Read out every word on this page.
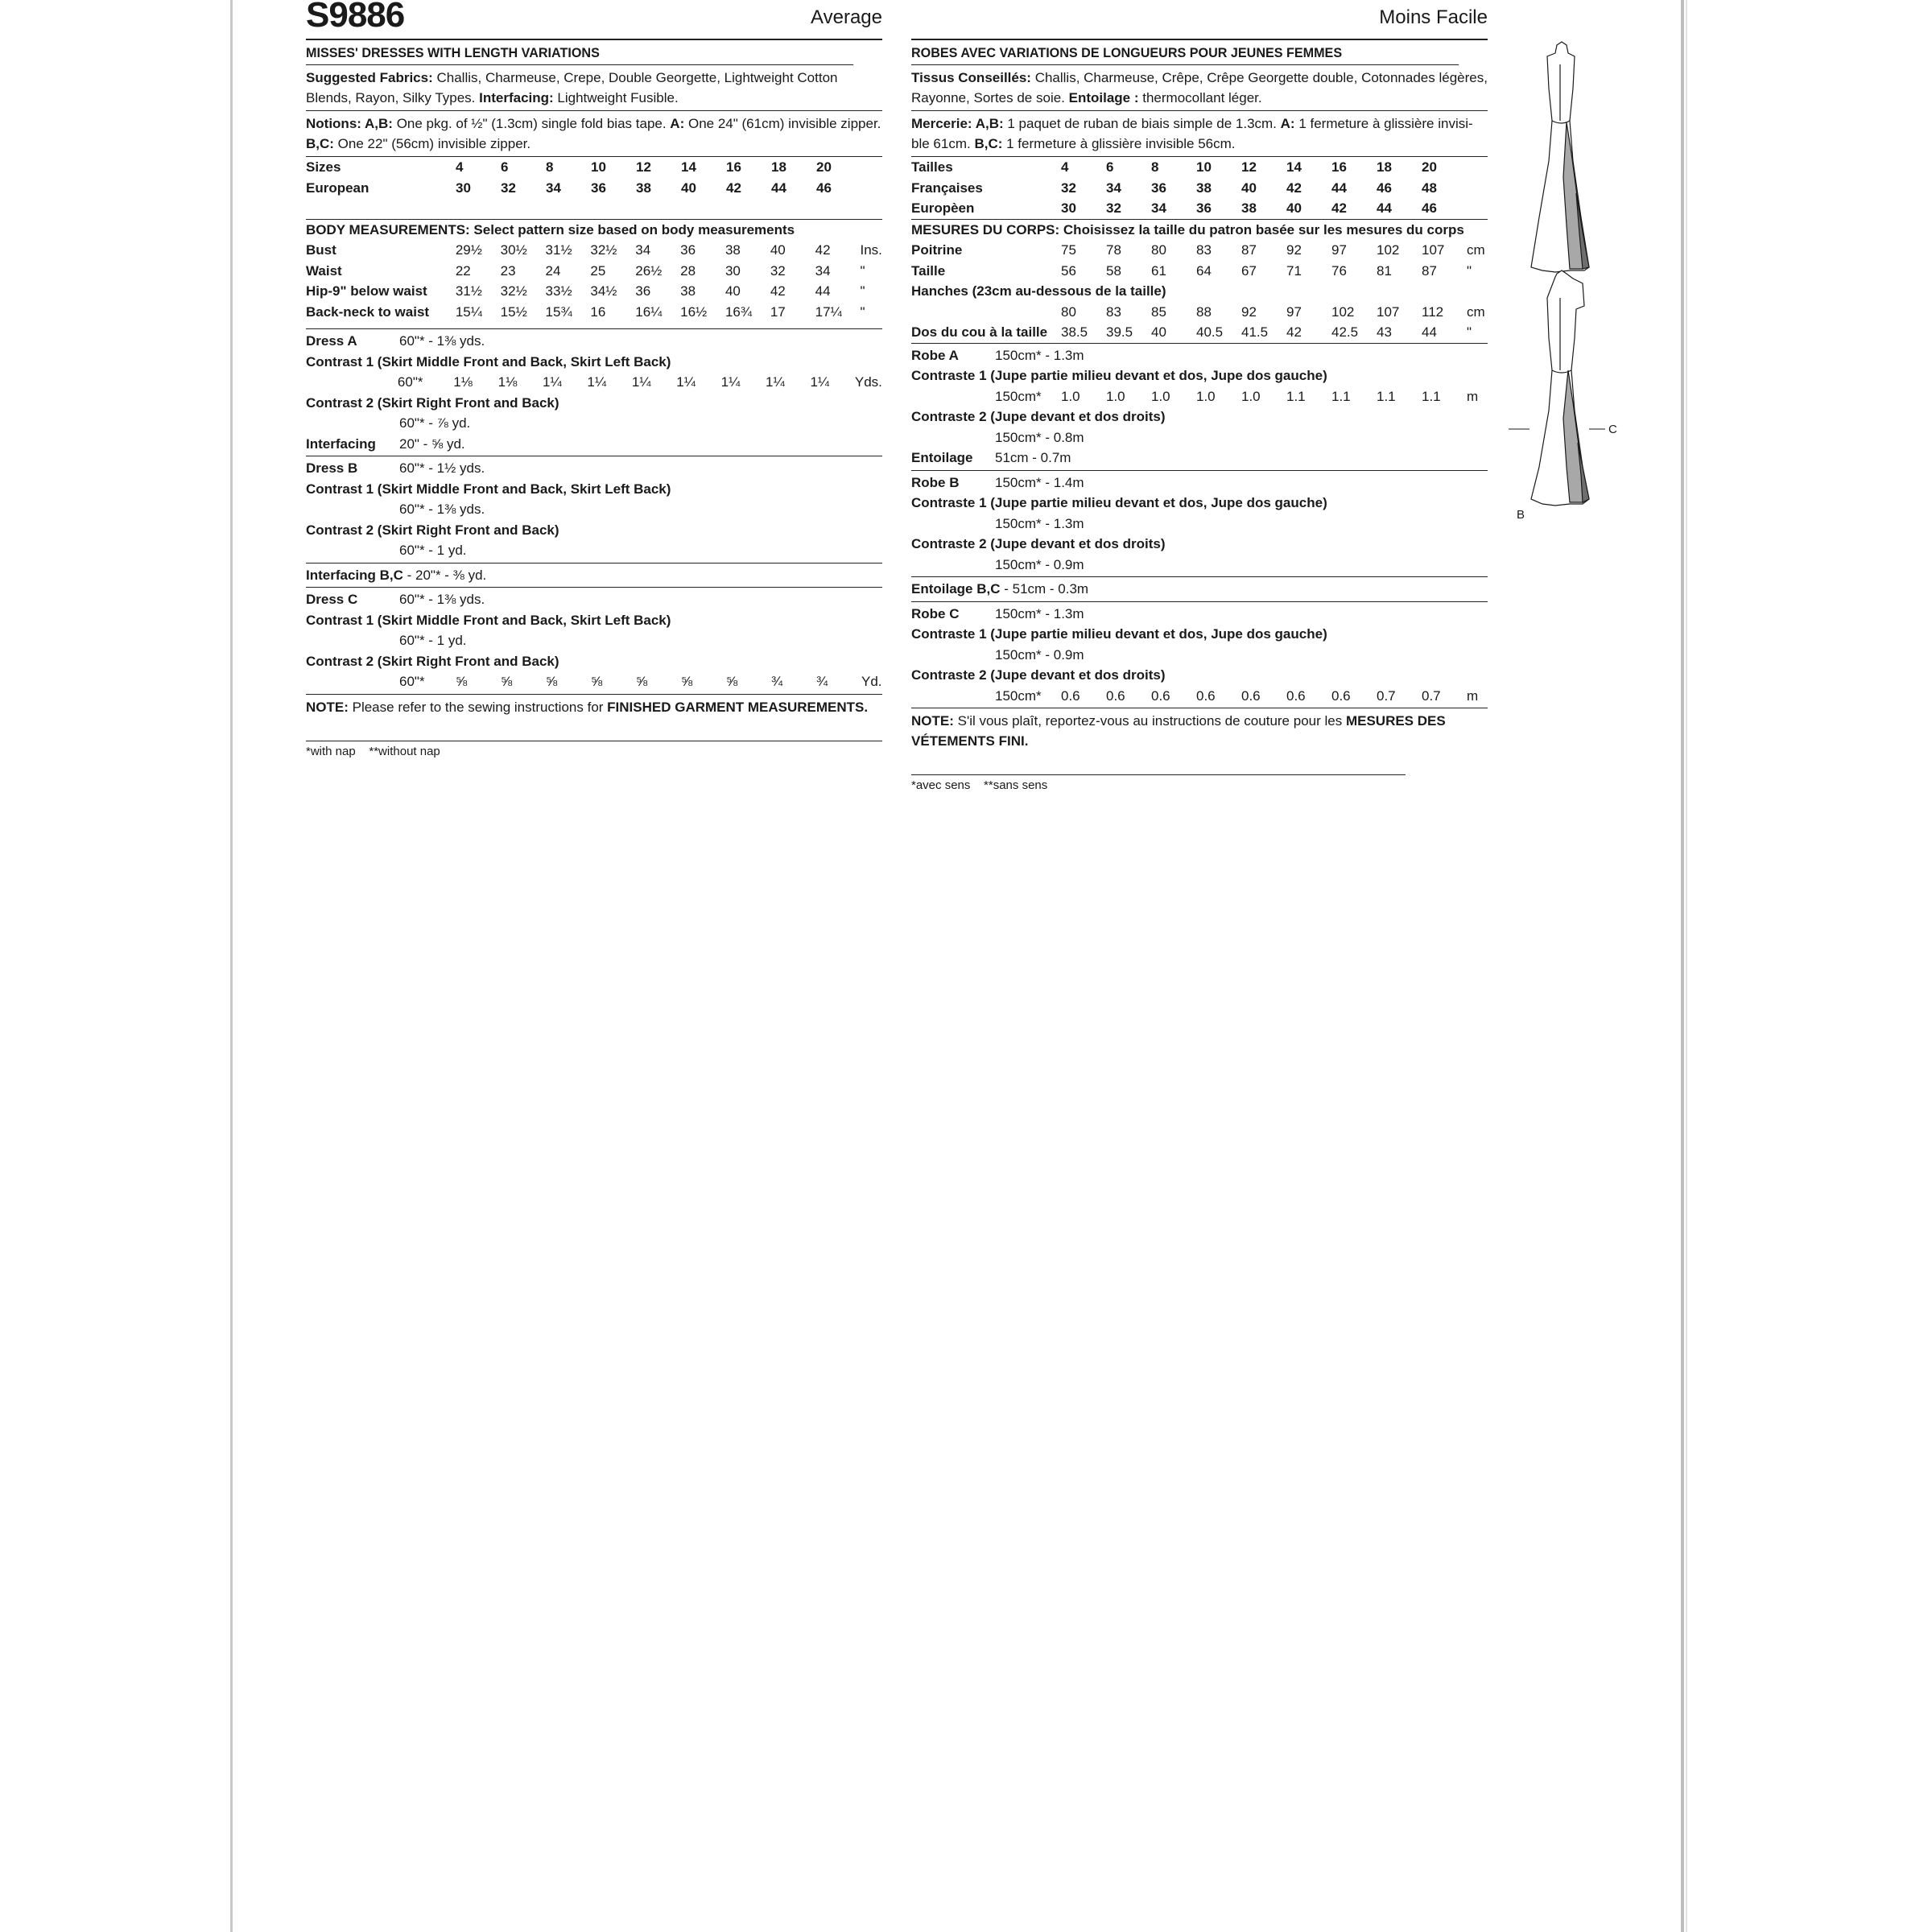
S9886	Average
MISSES' DRESSES WITH LENGTH VARIATIONS
Suggested Fabrics: Challis, Charmeuse, Crepe, Double Georgette, Lightweight Cotton Blends, Rayon, Silky Types. Interfacing: Lightweight Fusible.
Notions: A,B: One pkg. of ½" (1.3cm) single fold bias tape. A: One 24" (61cm) invisible zipper. B,C: One 22" (56cm) invisible zipper.
Sizes	4	6	8	10	12	14	16	18	20	
European	30	32	34	36	38	40	42	44	46	

BODY MEASUREMENTS: Select pattern size based on body measurements
Bust	29½	30½	31½	32½	34	36	38	40	42	Ins.
Waist	22	23	24	25	26½	28	30	32	34	"
Hip-9" below waist	31½	32½	33½	34½	36	38	40	42	44	"
Back-neck to waist	15¼	15½	15¾	16	16¼	16½	16¾	17	17¼	"

Dress A	60"* - 1⅜ yds.
Contrast 1 (Skirt Middle Front and Back, Skirt Left Back)
	60"*	1⅛	1⅛	1¼	1¼	1¼	1¼	1¼	1¼	1¼	Yds.
Contrast 2 (Skirt Right Front and Back)
60"* - ⅞ yd.
Interfacing 20" - ⅝ yd.
Dress B	60"* - 1½ yds.
Contrast 1 (Skirt Middle Front and Back, Skirt Left Back)
60"* - 1⅜ yds.
Contrast 2 (Skirt Right Front and Back)
60"* - 1 yd.
Interfacing B,C - 20"* - ⅜ yd.
Dress C	60"* - 1⅜ yds.
Contrast 1 (Skirt Middle Front and Back, Skirt Left Back)
60"* - 1 yd.
Contrast 2 (Skirt Right Front and Back)
	60"*	⅝	⅝	⅝	⅝	⅝	⅝	⅝	¾	¾	Yd.
NOTE: Please refer to the sewing instructions for FINISHED GARMENT MEASUREMENTS.
*with nap    **without nap
Moins Facile
ROBES AVEC VARIATIONS DE LONGUEURS POUR JEUNES FEMMES
Tissus Conseillés: Challis, Charmeuse, Crêpe, Crêpe Georgette double, Cotonnades légères, Rayonne, Sortes de soie. Entoilage : thermocollant léger.
Mercerie: A,B: 1 paquet de ruban de biais simple de 1.3cm. A: 1 fermeture à glissière invisi-ble 61cm. B,C: 1 fermeture à glissière invisible 56cm.
Tailles	4	6	8	10	12	14	16	18	20	
Françaises	32	34	36	38	40	42	44	46	48	
Europèen	30	32	34	36	38	40	42	44	46	
MESURES DU CORPS: Choisissez la taille du patron basée sur les mesures du corps
Poitrine	75	78	80	83	87	92	97	102	107	cm
Taille	56	58	61	64	67	71	76	81	87	"
Hanches (23cm au-dessous de la taille)										
	80	83	85	88	92	97	102	107	112	cm
Dos du cou à la taille	38.5	39.5	40	40.5	41.5	42	42.5	43	44	"
Robe A	150cm* - 1.3m
Contraste 1 (Jupe partie milieu devant et dos, Jupe dos gauche)
	150cm*	1.0	1.0	1.0	1.0	1.0	1.1	1.1	1.1	1.1	m
Contraste 2 (Jupe devant et dos droits)
150cm* - 0.8m
Entoilage 51cm - 0.7m
Robe B	150cm* - 1.4m
Contraste 1 (Jupe partie milieu devant et dos, Jupe dos gauche)
150cm* - 1.3m
Contraste 2 (Jupe devant et dos droits)
150cm* - 0.9m
Entoilage B,C - 51cm - 0.3m
Robe C	150cm* - 1.3m
Contraste 1 (Jupe partie milieu devant et dos, Jupe dos gauche)
150cm* - 0.9m
Contraste 2 (Jupe devant et dos droits)
	150cm*	0.6	0.6	0.6	0.6	0.6	0.6	0.6	0.7	0.7	m
NOTE: S'il vous plaît, reportez-vous au instructions de couture pour les MESURES DES VÉTEMENTS FINI.
*avec sens    **sans sens
C
B
